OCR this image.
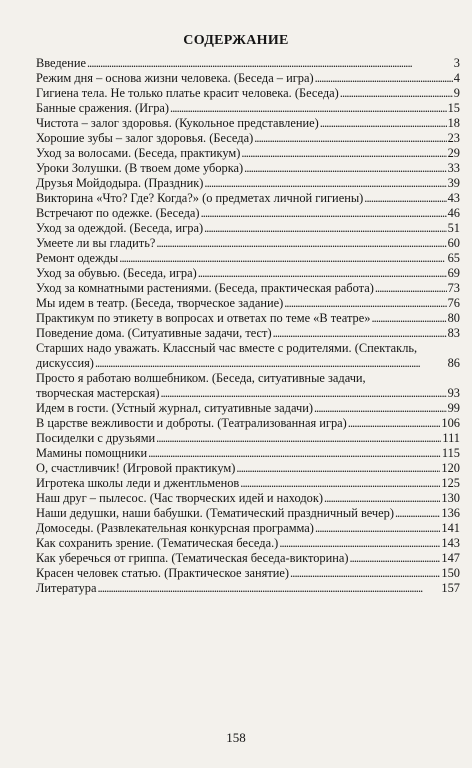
СОДЕРЖАНИЕ
Введение . . .	3
Режим дня – основа жизни человека. (Беседа – игра) . . .	4
Гигиена тела. Не только платье красит человека. (Беседа) . . .	9
Банные сражения. (Игра) . . .	15
Чистота – залог здоровья. (Кукольное представление) . . .	18
Хорошие зубы – залог здоровья. (Беседа) . . .	23
Уход за волосами. (Беседа, практикум) . . .	29
Уроки Золушки. (В твоем доме уборка) . . .	33
Друзья Мойдодыра. (Праздник) . . .	39
Викторина «Что? Где? Когда?» (о предметах личной гигиены) . . .	43
Встречают по одежке. (Беседа) . . .	46
Уход за одеждой. (Беседа, игра) . . .	51
Умеете ли вы гладить? . . .	60
Ремонт одежды . . .	65
Уход за обувью. (Беседа, игра) . . .	69
Уход за комнатными растениями. (Беседа, практическая работа) . . .	73
Мы идем в театр. (Беседа, творческое задание) . . .	76
Практикум по этикету в вопросах и ответах по теме «В театре» . . .	80
Поведение дома. (Ситуативные задачи, тест) . . .	83
Старших надо уважать. Классный час вместе с родителями. (Спектакль,
дискуссия) . . .	86
Просто я работаю волшебником. (Беседа, ситуативные задачи,
творческая мастерская) . . .	93
Идем в гости. (Устный журнал, ситуативные задачи) . . .	99
В царстве вежливости и доброты. (Театрализованная игра) . . .	106
Посиделки с друзьями . . .	111
Мамины помощники . . .	115
О, счастливчик! (Игровой практикум) . . .	120
Игротека школы леди и джентльменов . . .	125
Наш друг – пылесос. (Час творческих идей и находок) . . .	130
Наши дедушки, наши бабушки. (Тематический праздничный вечер) . . .	136
Домоседы. (Развлекательная конкурсная программа) . . .	141
Как сохранить зрение. (Тематическая беседа.) . . .	143
Как уберечься от гриппа. (Тематическая беседа-викторина) . . .	147
Красен человек статью. (Практическое занятие) . . .	150
Литература . . .	157
158
